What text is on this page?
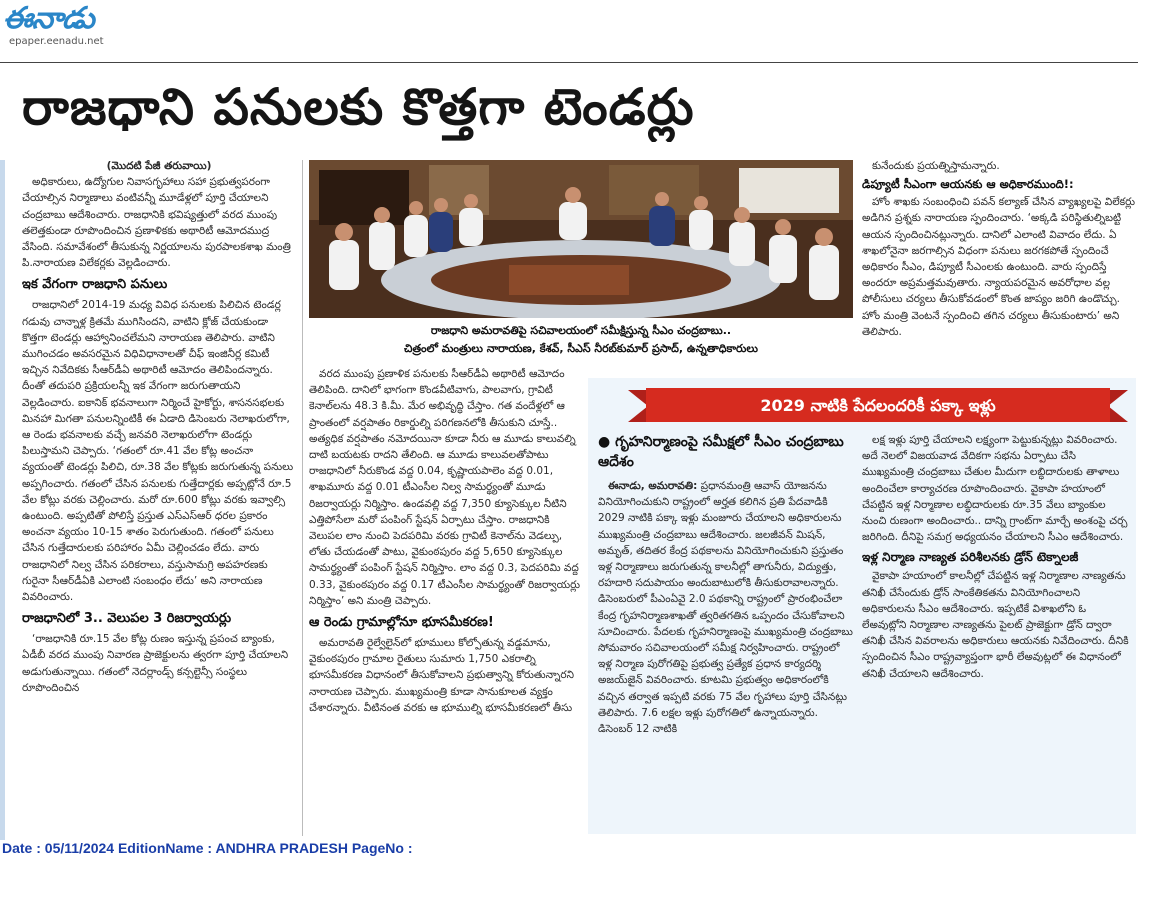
ఈనాడు
epaper.eenadu.net
రాజధాని పనులకు కొత్తగా టెండర్లు
(మొదటి పేజీ తరువాయి)

అధికారులు, ఉద్యోగుల నివాసగృహాలు సహా ప్రభుత్వపరంగా చేయాల్సిన నిర్మాణాలు వంటివన్నీ మూడేళ్లలో పూర్తి చేయాలని చంద్రబాబు ఆదేశించారు. రాజధానికి భవిష్యత్తులో వరద ముంపు తలెత్తకుండా రూపొందించిన ప్రణాళికకు అథారిటీ ఆమోదముద్ర వేసింది. సమావేశంలో తీసుకున్న నిర్ణయాలను పురపాలకశాఖ మంత్రి పి.నారాయణ విలేకర్లకు వెల్లడించారు.

ఇక వేగంగా రాజధాని పనులు

రాజధానిలో 2014-19 మధ్య వివిధ పనులకు పిలిచిన టెండర్ల గడువు చాన్నాళ్ల క్రితమే ముగిసిందని, వాటిని క్లోజ్ చేయకుండా కొత్తగా టెండర్లు ఆహ్వానించలేమని నారాయణ తెలిపారు. వాటిని ముగించడం అవసరమైన విధివిధానాలతో చీఫ్ ఇంజినీర్ల కమిటీ ఇచ్చిన నివేదికకు సీఆర్‌డీఏ అథారిటీ ఆమోదం తెలిపిందన్నారు. దీంతో తదుపరి ప్రక్రియలన్నీ ఇక వేగంగా జరుగుతాయని వెల్లడించారు. ఐకానిక్ భవనాలుగా నిర్మించే హైకోర్టు, శాసనసభలకు మినహా మిగతా పనులన్నింటికీ ఈ ఏడాది డిసెంబరు నెలాఖరులోగా, ఆ రెండు భవనాలకు వచ్చే జనవరి నెలాఖరులోగా టెండర్లు పిలుస్తామని చెప్పారు. ‘గతంలో రూ.41 వేల కోట్ల అంచనా వ్యయంతో టెండర్లు పిలిచి, రూ.38 వేల కోట్లకు జరుగుతున్న పనులు అప్పగించారు. గతంలో చేసిన పనులకు గుత్తేదార్లకు అప్పట్లోనే రూ.5 వేల కోట్లు వరకు చెల్లించారు. మరో రూ.600 కోట్లు వరకు ఇవ్వాల్సి ఉంటుంది. అప్పటితో పోలిస్తే ప్రస్తుత ఎస్‌ఎస్‌ఆర్ ధరల ప్రకారం అంచనా వ్యయం 10-15 శాతం పెరుగుతుంది. గతంలో పనులు చేసిన గుత్తేదారులకు పరిహారం ఏమీ చెల్లించడం లేదు. వారు రాజధానిలో నిల్వ చేసిన పరికరాలు, వస్తుసామగ్రి అపహరణకు గురైనా సీఆర్‌డీఏకి ఎలాంటి సంబంధం లేదు’ అని నారాయణ వివరించారు.

రాజధానిలో 3.. వెలుపల 3 రిజర్వాయర్లు

‘రాజధానికి రూ.15 వేల కోట్ల రుణం ఇస్తున్న ప్రపంచ బ్యాంకు, ఏడీబీ వరద ముంపు నివారణ ప్రాజెక్టులను త్వరగా పూర్తి చేయాలని అడుగుతున్నాయి. గతంలో నెదర్లాండ్స్ కన్సల్టెన్సీ సంస్థలు రూపొందించిన

రాజధాని అమరావతిపై సచివాలయంలో సమీక్షిస్తున్న సీఎం చంద్రబాబు..
చిత్రంలో మంత్రులు నారాయణ, కేశవ్, సీఎస్ నీరబ్‌కుమార్ ప్రసాద్, ఉన్నతాధికారులు

వరద ముంపు ప్రణాళిక పనులకు సీఆర్‌డీఏ అథారిటీ ఆమోదం తెలిపింది. దానిలో భాగంగా కొండవీటివాగు, పాలవాగు, గ్రావిటీ కెనాల్‌లను 48.3 కి.మీ. మేర అభివృద్ధి చేస్తాం. గత వందేళ్లలో ఆ ప్రాంతంలో వర్షపాతం రికార్డుల్ని పరిగణనలోకి తీసుకుని చూస్తే.. అత్యధిక వర్షపాతం నమోదయినా కూడా నీరు ఆ మూడు కాలువల్ని దాటి బయటకు రాదని తేలింది. ఆ మూడు కాలువలతోపాటు రాజధానిలో నీరుకొండ వద్ద 0.04, కృష్ణాయపాలెం వద్ద 0.01, శాఖమూరు వద్ద 0.01 టీఎంసీల నిల్వ సామర్థ్యంతో మూడు రిజర్వాయర్లు నిర్మిస్తాం. ఉండవల్లి వద్ద 7,350 క్యూసెక్కుల నీటిని ఎత్తిపోసేలా మరో పంపింగ్ స్టేషన్ ఏర్పాటు చేస్తాం. రాజధానికి వెలుపల లాం నుంచి పెదపరిమి వరకు గ్రావిటీ కెనాల్‌ను వెడల్పు, లోతు చేయడంతో పాటు, వైకుంఠపురం వద్ద 5,650 క్యూసెక్కుల సామర్థ్యంతో పంపింగ్ స్టేషన్ నిర్మిస్తాం. లాం వద్ద 0.3, పెదపరిమి వద్ద 0.33, వైకుంఠపురం వద్ద 0.17 టీఎంసీల సామర్థ్యంతో రిజర్వాయర్లు నిర్మిస్తాం’ అని మంత్రి చెప్పారు.

ఆ రెండు గ్రామాల్లోనూ భూసమీకరణ!

అమరావతి రైల్వేలైన్‌లో భూములు కోల్పోతున్న వడ్డమాను, వైకుంఠపురం గ్రామాల రైతులు సుమారు 1,750 ఎకరాల్ని భూసమీకరణ విధానంలో తీసుకోవాలని ప్రభుత్వాన్ని కోరుతున్నారని నారాయణ చెప్పారు. ముఖ్యమంత్రి కూడా సానుకూలత వ్యక్తం చేశారన్నారు. వీటినంత వరకు ఆ భూముల్ని భూసమీకరణలో తీసు

కునేందుకు ప్రయత్నిస్తామన్నారు.

డిప్యూటీ సీఎంగా ఆయనకు ఆ అధికారముంది!:

హోం శాఖకు సంబంధించి పవన్ కల్యాణ్ చేసిన వ్యాఖ్యలపై విలేకర్లు అడిగిన ప్రశ్నకు నారాయణ స్పందించారు. ‘అక్కడి పరిస్థితుల్నిబట్టి ఆయన స్పందించినట్లున్నారు. దానిలో ఎలాంటి వివాదం లేదు. ఏ శాఖలోనైనా జరగాల్సిన విధంగా పనులు జరగకపోతే స్పందించే అధికారం సీఎం, డిప్యూటీ సీఎంలకు ఉంటుంది. వారు స్పందిస్తే అందరూ అప్రమత్తమవుతారు. న్యాయపరమైన అవరోధాల వల్ల పోలీసులు చర్యలు తీసుకోవడంలో కొంత జాప్యం జరిగి ఉండొచ్చు. హోం మంత్రి వెంటనే స్పందించి తగిన చర్యలు తీసుకుంటారు’ అని తెలిపారు.

2029 నాటికి పేదలందరికీ పక్కా ఇళ్లు
● గృహనిర్మాణంపై సమీక్షలో సీఎం చంద్రబాబు ఆదేశం

ఈనాడు, అమరావతి: ప్రధానమంత్రి ఆవాస్ యోజనను వినియోగించుకుని రాష్ట్రంలో అర్హత కలిగిన ప్రతి పేదవాడికి 2029 నాటికి పక్కా ఇళ్లు మంజూరు చేయాలని అధికారులను ముఖ్యమంత్రి చంద్రబాబు ఆదేశించారు. జలజీవన్ మిషన్, అమృత్, తదితర కేంద్ర పథకాలను వినియోగించుకుని ప్రస్తుతం ఇళ్ల నిర్మాణాలు జరుగుతున్న కాలనీల్లో తాగునీరు, విద్యుత్తు, రహదారి సదుపాయం అందుబాటులోకి తీసుకురావాలన్నారు. డిసెంబరులో పీఎంఏవై 2.0 పథకాన్ని రాష్ట్రంలో ప్రారంభించేలా కేంద్ర గృహనిర్మాణశాఖతో త్వరితగతిన ఒప్పందం చేసుకోవాలని సూచించారు. పేదలకు గృహనిర్మాణంపై ముఖ్యమంత్రి చంద్రబాబు సోమవారం సచివాలయంలో సమీక్ష నిర్వహించారు. రాష్ట్రంలో ఇళ్ల నిర్మాణ పురోగతిపై ప్రభుత్వ ప్రత్యేక ప్రధాన కార్యదర్శి అజయ్‌జైన్ వివరించారు. కూటమి ప్రభుత్వం అధికారంలోకి వచ్చిన తర్వాత ఇప్పటి వరకు 75 వేల గృహాలు పూర్తి చేసినట్లు తెలిపారు. 7.6 లక్షల ఇళ్లు పురోగతిలో ఉన్నాయన్నారు. డిసెంబర్ 12 నాటికి

లక్ష ఇళ్లు పూర్తి చేయాలని లక్ష్యంగా పెట్టుకున్నట్లు వివరించారు. అదే నెలలో విజయవాడ వేదికగా సభను ఏర్పాటు చేసి ముఖ్యమంత్రి చంద్రబాబు చేతుల మీదుగా లబ్ధిదారులకు తాళాలు అందించేలా కార్యాచరణ రూపొందించారు. వైకాపా హయాంలో చేపట్టిన ఇళ్ల నిర్మాణాల లబ్ధిదారులకు రూ.35 వేలు బ్యాంకుల నుంచి రుణంగా అందించారు.. దాన్ని గ్రాంట్‌గా మార్చే అంశంపై చర్చ జరిగింది. దీనిపై సమగ్ర అధ్యయనం చేయాలని సీఎం ఆదేశించారు.

ఇళ్ల నిర్మాణ నాణ్యత పరిశీలనకు డ్రోన్ టెక్నాలజీ

వైకాపా హయాంలో కాలనీల్లో చేపట్టిన ఇళ్ల నిర్మాణాల నాణ్యతను తనిఖీ చేసేందుకు డ్రోన్ సాంకేతికతను వినియోగించాలని అధికారులను సీఎం ఆదేశించారు. ఇప్పటికే విశాఖలోని ఓ లేఅవుట్లోని నిర్మాణాల నాణ్యతను పైలట్ ప్రాజెక్టుగా డ్రోన్ ద్వారా తనిఖీ చేసిన వివరాలను అధికారులు ఆయనకు నివేదించారు. దీనికి స్పందించిన సీఎం రాష్ట్రవ్యాప్తంగా భారీ లేఅవుట్లలో ఈ విధానంలో తనిఖీ చేయాలని ఆదేశించారు.

Date : 05/11/2024 EditionName : ANDHRA PRADESH PageNo :
